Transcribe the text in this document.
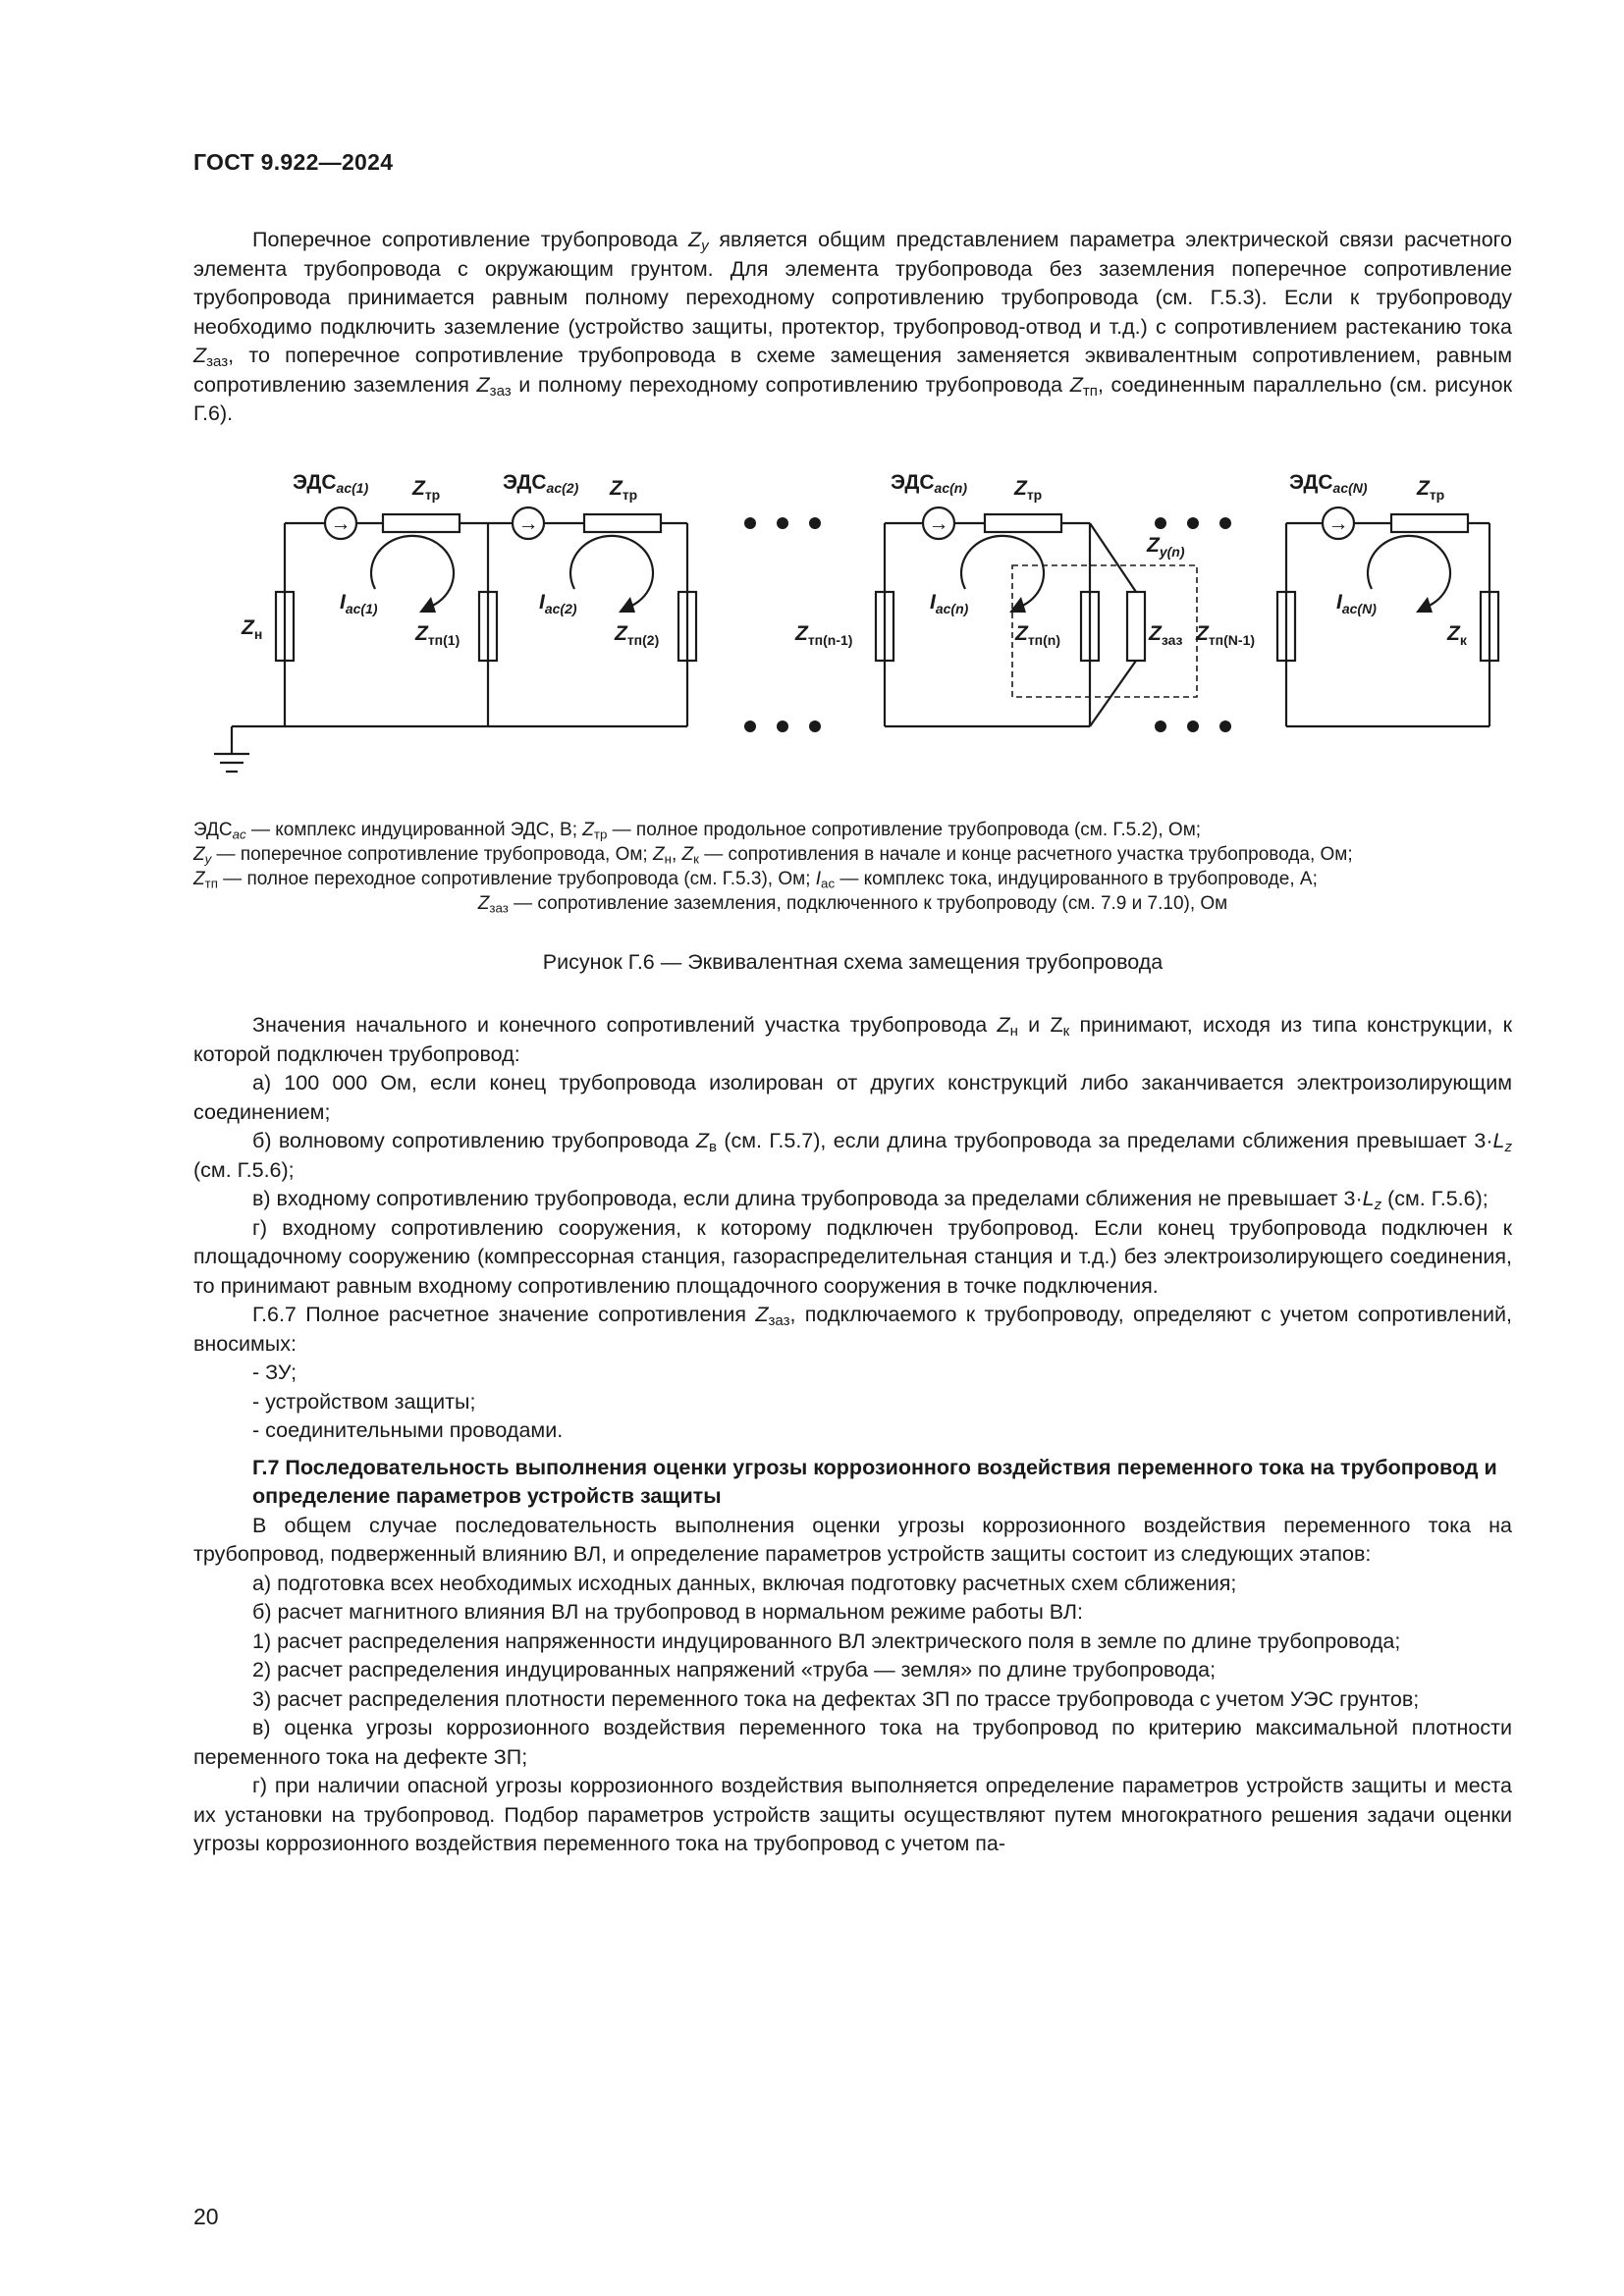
ГОСТ 9.922—2024

Поперечное сопротивление трубопровода $Z_y$ является общим представлением параметра электрической связи расчетного элемента трубопровода с окружающим грунтом. Для элемента трубопровода без заземления поперечное сопротивление трубопровода принимается равным полному переходному сопротивлению трубопровода (см. Г.5.3). Если к трубопроводу необходимо подключить заземление (устройство защиты, протектор, трубопровод-отвод и т.д.) с сопротивлением растеканию тока $Z_{заз}$, то поперечное сопротивление трубопровода в схеме замещения заменяется эквивалентным сопротивлением, равным сопротивлению заземления $Z_{заз}$ и полному переходному сопротивлению трубопровода $Z_{тп}$, соединенным параллельно (см. рисунок Г.6).

→	→	→	→
ЭДСac(1)	ЭДСac(2)	ЭДСac(n)	ЭДСac(N)
$Z_{тр}$	$Z_{тр}$	$Z_{тр}$	$Z_{тр}$
$Z_н$	$Z_{тп(1)}$	$Z_{тп(2)}$	$Z_{тп(n-1)}$	$Z_{тп(n)}$	$Z_{заз}$ $Z_{тп(N-1)}$	$Z_к$
$Z_{y(n)}$
$I_{ac(1)}$	$I_{ac(2)}$	$I_{ac(n)}$	$I_{ac(N)}$

$ЭДС_{ac}$ — комплекс индуцированной ЭДС, В; $Z_{тр}$ — полное продольное сопротивление трубопровода (см. Г.5.2), Ом;

$Z_y$ — поперечное сопротивление трубопровода, Ом; $Z_н$, $Z_к$ — сопротивления в начале и конце расчетного участка трубопровода, Ом;

$Z_{тп}$ — полное переходное сопротивление трубопровода (см. Г.5.3), Ом; $I_{ac}$ — комплекс тока, индуцированного в трубопроводе, А;

$Z_{заз}$ — сопротивление заземления, подключенного к трубопроводу (см. 7.9 и 7.10), Ом

Рисунок Г.6 — Эквивалентная схема замещения трубопровода

Значения начального и конечного сопротивлений участка трубопровода $Z_н$ и $Z_к$ принимают, исходя из типа конструкции, к которой подключен трубопровод:

а) 100 000 Ом, если конец трубопровода изолирован от других конструкций либо заканчивается электроизолирующим соединением;

б) волновому сопротивлению трубопровода $Z_в$ (см. Г.5.7), если длина трубопровода за пределами сближения превышает $3\cdot L_z$ (см. Г.5.6);

в) входному сопротивлению трубопровода, если длина трубопровода за пределами сближения не превышает $3\cdot L_z$ (см. Г.5.6);

г) входному сопротивлению сооружения, к которому подключен трубопровод. Если конец трубопровода подключен к площадочному сооружению (компрессорная станция, газораспределительная станция и т.д.) без электроизолирующего соединения, то принимают равным входному сопротивлению площадочного сооружения в точке подключения.

Г.6.7 Полное расчетное значение сопротивления $Z_{заз}$, подключаемого к трубопроводу, определяют с учетом сопротивлений, вносимых:

- ЗУ;

- устройством защиты;

- соединительными проводами.

Г.7 Последовательность выполнения оценки угрозы коррозионного воздействия переменного тока на трубопровод и определение параметров устройств защиты

В общем случае последовательность выполнения оценки угрозы коррозионного воздействия переменного тока на трубопровод, подверженный влиянию ВЛ, и определение параметров устройств защиты состоит из следующих этапов:

а) подготовка всех необходимых исходных данных, включая подготовку расчетных схем сближения;

б) расчет магнитного влияния ВЛ на трубопровод в нормальном режиме работы ВЛ:

1) расчет распределения напряженности индуцированного ВЛ электрического поля в земле по длине трубопровода;

2) расчет распределения индуцированных напряжений «труба — земля» по длине трубопровода;

3) расчет распределения плотности переменного тока на дефектах ЗП по трассе трубопровода с учетом УЭС грунтов;

в) оценка угрозы коррозионного воздействия переменного тока на трубопровод по критерию максимальной плотности переменного тока на дефекте ЗП;

г) при наличии опасной угрозы коррозионного воздействия выполняется определение параметров устройств защиты и места их установки на трубопровод. Подбор параметров устройств защиты осуществляют путем многократного решения задачи оценки угрозы коррозионного воздействия переменного тока на трубопровод с учетом па-

20
